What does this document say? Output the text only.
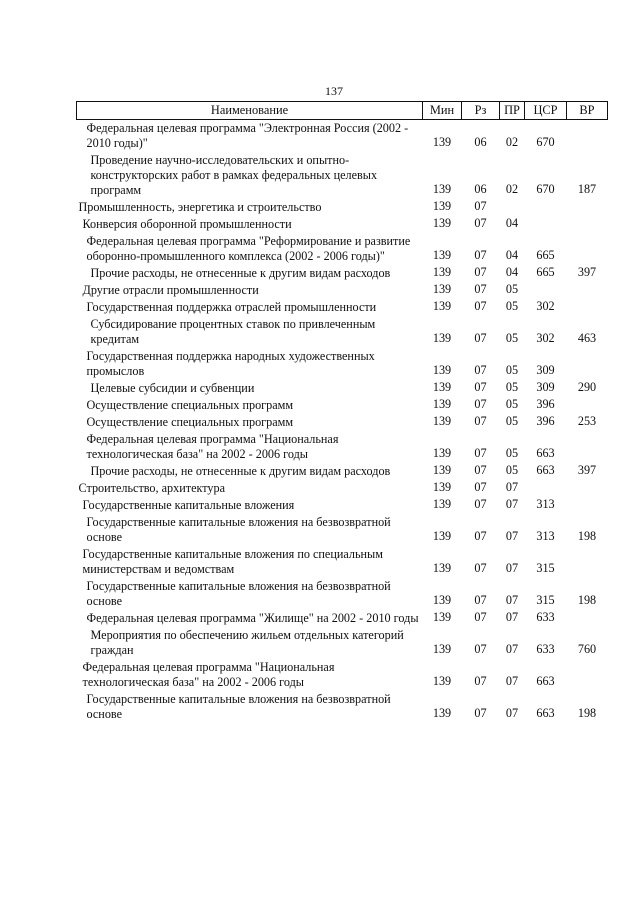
137
Наименование	Мин	Рз	ПР	ЦСР	ВР
Федеральная целевая программа "Электронная Россия (2002 - 2010 годы)"	139	06	02	670	
Проведение научно-исследовательских и опытно-конструкторских работ в рамках федеральных целевых программ	139	06	02	670	187
Промышленность, энергетика и строительство	139	07			
Конверсия оборонной промышленности	139	07	04		
Федеральная целевая программа "Реформирование и развитие оборонно-промышленного комплекса (2002 - 2006 годы)"	139	07	04	665	
Прочие расходы, не отнесенные к другим видам расходов	139	07	04	665	397
Другие отрасли промышленности	139	07	05		
Государственная поддержка отраслей промышленности	139	07	05	302	
Субсидирование процентных ставок по привлеченным кредитам	139	07	05	302	463
Государственная поддержка народных художественных промыслов	139	07	05	309	
Целевые субсидии и субвенции	139	07	05	309	290
Осуществление специальных программ	139	07	05	396	
Осуществление специальных программ	139	07	05	396	253
Федеральная целевая программа "Национальная технологическая база" на 2002 - 2006 годы	139	07	05	663	
Прочие расходы, не отнесенные к другим видам расходов	139	07	05	663	397
Строительство, архитектура	139	07	07		
Государственные капитальные вложения	139	07	07	313	
Государственные капитальные вложения на безвозвратной основе	139	07	07	313	198
Государственные капитальные вложения по специальным министерствам и ведомствам	139	07	07	315	
Государственные капитальные вложения на безвозвратной основе	139	07	07	315	198
Федеральная целевая программа "Жилище" на 2002 - 2010 годы	139	07	07	633	
Мероприятия по обеспечению жильем отдельных категорий граждан	139	07	07	633	760
Федеральная целевая программа "Национальная технологическая база" на 2002 - 2006 годы	139	07	07	663	
Государственные капитальные вложения на безвозвратной основе	139	07	07	663	198
